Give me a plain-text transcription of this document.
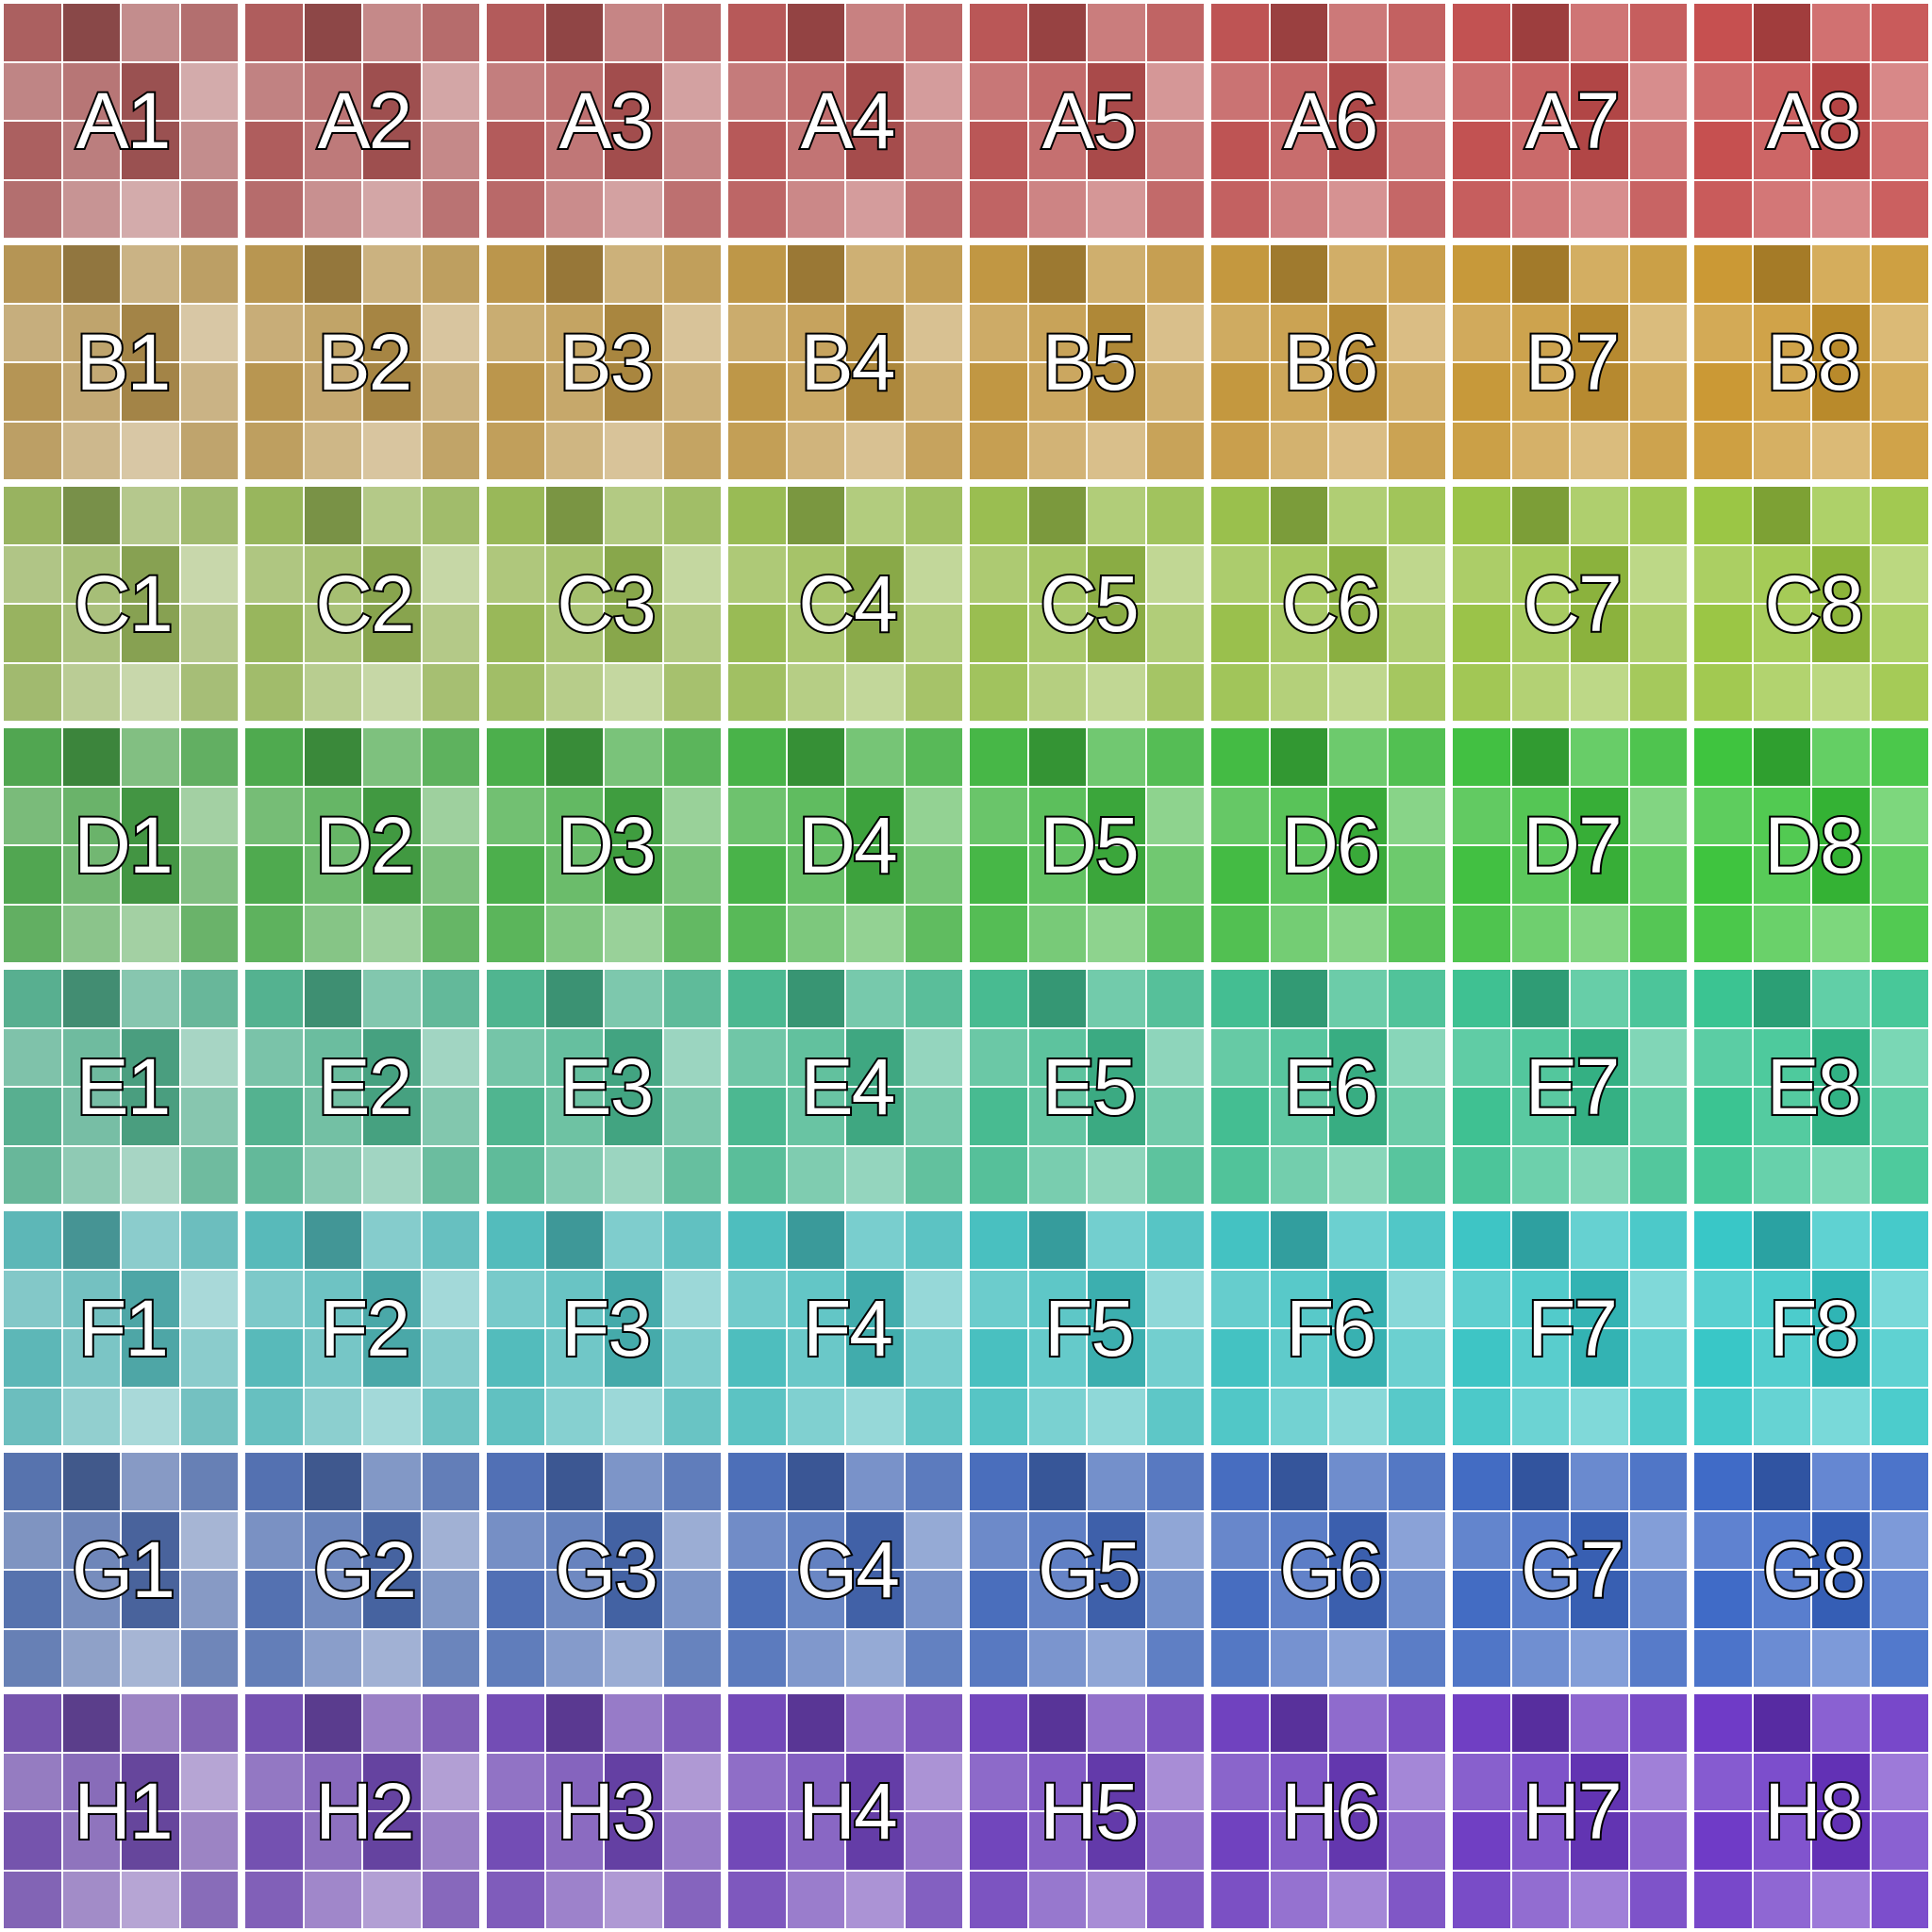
A1	A2	A3	A4	A5	A6	A7	A8
B1	B2	B3	B4	B5	B6	B7	B8
C1	C2	C3	C4	C5	C6	C7	C8
D1	D2	D3	D4	D5	D6	D7	D8
E1	E2	E3	E4	E5	E6	E7	E8
F1	F2	F3	F4	F5	F6	F7	F8
G1	G2	G3	G4	G5	G6	G7	G8
H1	H2	H3	H4	H5	H6	H7	H8
